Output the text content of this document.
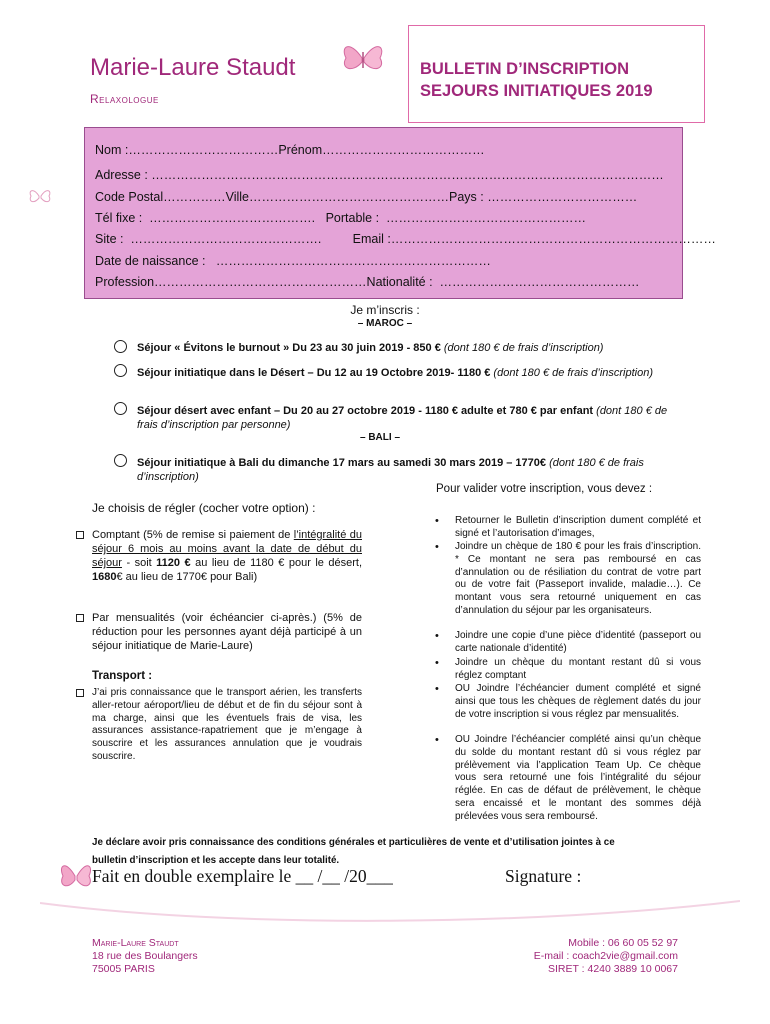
Marie-Laure Staudt
Relaxologue
BULLETIN D’INSCRIPTION
SEJOURS INITIATIQUES 2019
Nom :………………………………Prénom…………………………………
Adresse : ……………………………………………………………………………………………………………
Code Postal……………Ville…………………………………………Pays : ………………………………
Tél fixe :  ………………………………….   Portable :  …………………………………………
Site :  ……………………………………….         Email :……………………………………………………………………
Date de naissance :   …………………………………………………………
Profession……………………………………………Nationalité :  …………………………………………
Je m’inscris :
– MAROC –
Séjour « Évitons le burnout » Du 23 au 30 juin 2019 - 850 € (dont 180 € de frais d’inscription)
Séjour initiatique dans le Désert – Du 12 au 19 Octobre 2019- 1180 € (dont 180 € de frais d’inscription)
Séjour désert avec enfant – Du 20 au 27 octobre 2019 - 1180 € adulte et 780 € par enfant (dont 180 € de frais d’inscription par personne)
– BALI –
Séjour initiatique à Bali du dimanche 17 mars au samedi 30 mars 2019 – 1770€ (dont 180 € de frais d’inscription)
Je choisis de régler (cocher votre option) :
Comptant (5% de remise si paiement de l’intégralité du séjour 6 mois au moins avant la date de début du séjour - soit 1120 € au lieu de 1180 € pour le désert, 1680€ au lieu de 1770€ pour Bali)
Par mensualités (voir échéancier ci-après.) (5% de réduction pour les personnes ayant déjà participé à un séjour initiatique de Marie-Laure)
Transport :
J’ai pris connaissance que le transport aérien, les transferts aller-retour aéroport/lieu de début et de fin du séjour sont à ma charge, ainsi que les éventuels frais de visa, les assurances assistance-rapatriement que je m’engage à souscrire et les assurances annulation que je voudrais souscrire.
Pour valider votre inscription, vous devez :
• Retourner le Bulletin d’inscription dument complété et signé et l’autorisation d’images,
• Joindre un chèque de 180 € pour les frais d’inscription. * Ce montant ne sera pas remboursé en cas d’annulation ou de résiliation du contrat de votre part ou de votre fait (Passeport invalide, maladie…). Ce montant vous sera retourné uniquement en cas d’annulation du séjour par les organisateurs.
• Joindre une copie d’une pièce d’identité (passeport ou carte nationale d’identité)
• Joindre un chèque du montant restant dû si vous réglez comptant
• OU Joindre l’échéancier dument complété et signé ainsi que tous les chèques de règlement datés du jour de votre inscription si vous réglez par mensualités.
• OU Joindre l’échéancier complété ainsi qu’un chèque du solde du montant restant dû si vous réglez par prélèvement via l’application Team Up. Ce chèque vous sera retourné une fois l’intégralité du séjour réglée. En cas de défaut de prélèvement, le chèque sera encaissé et le montant des sommes déjà prélevées vous sera remboursé.
Je déclare avoir pris connaissance des conditions générales et particulières de vente et d’utilisation jointes à ce
bulletin d’inscription et les accepte dans leur totalité.
Fait en double exemplaire le __ /__ /20___	Signature :
Marie-Laure Staudt
18 rue des Boulangers
75005 PARIS
Mobile : 06 60 05 52 97
E-mail : coach2vie@gmail.com
SIRET : 4240 3889 10 0067
